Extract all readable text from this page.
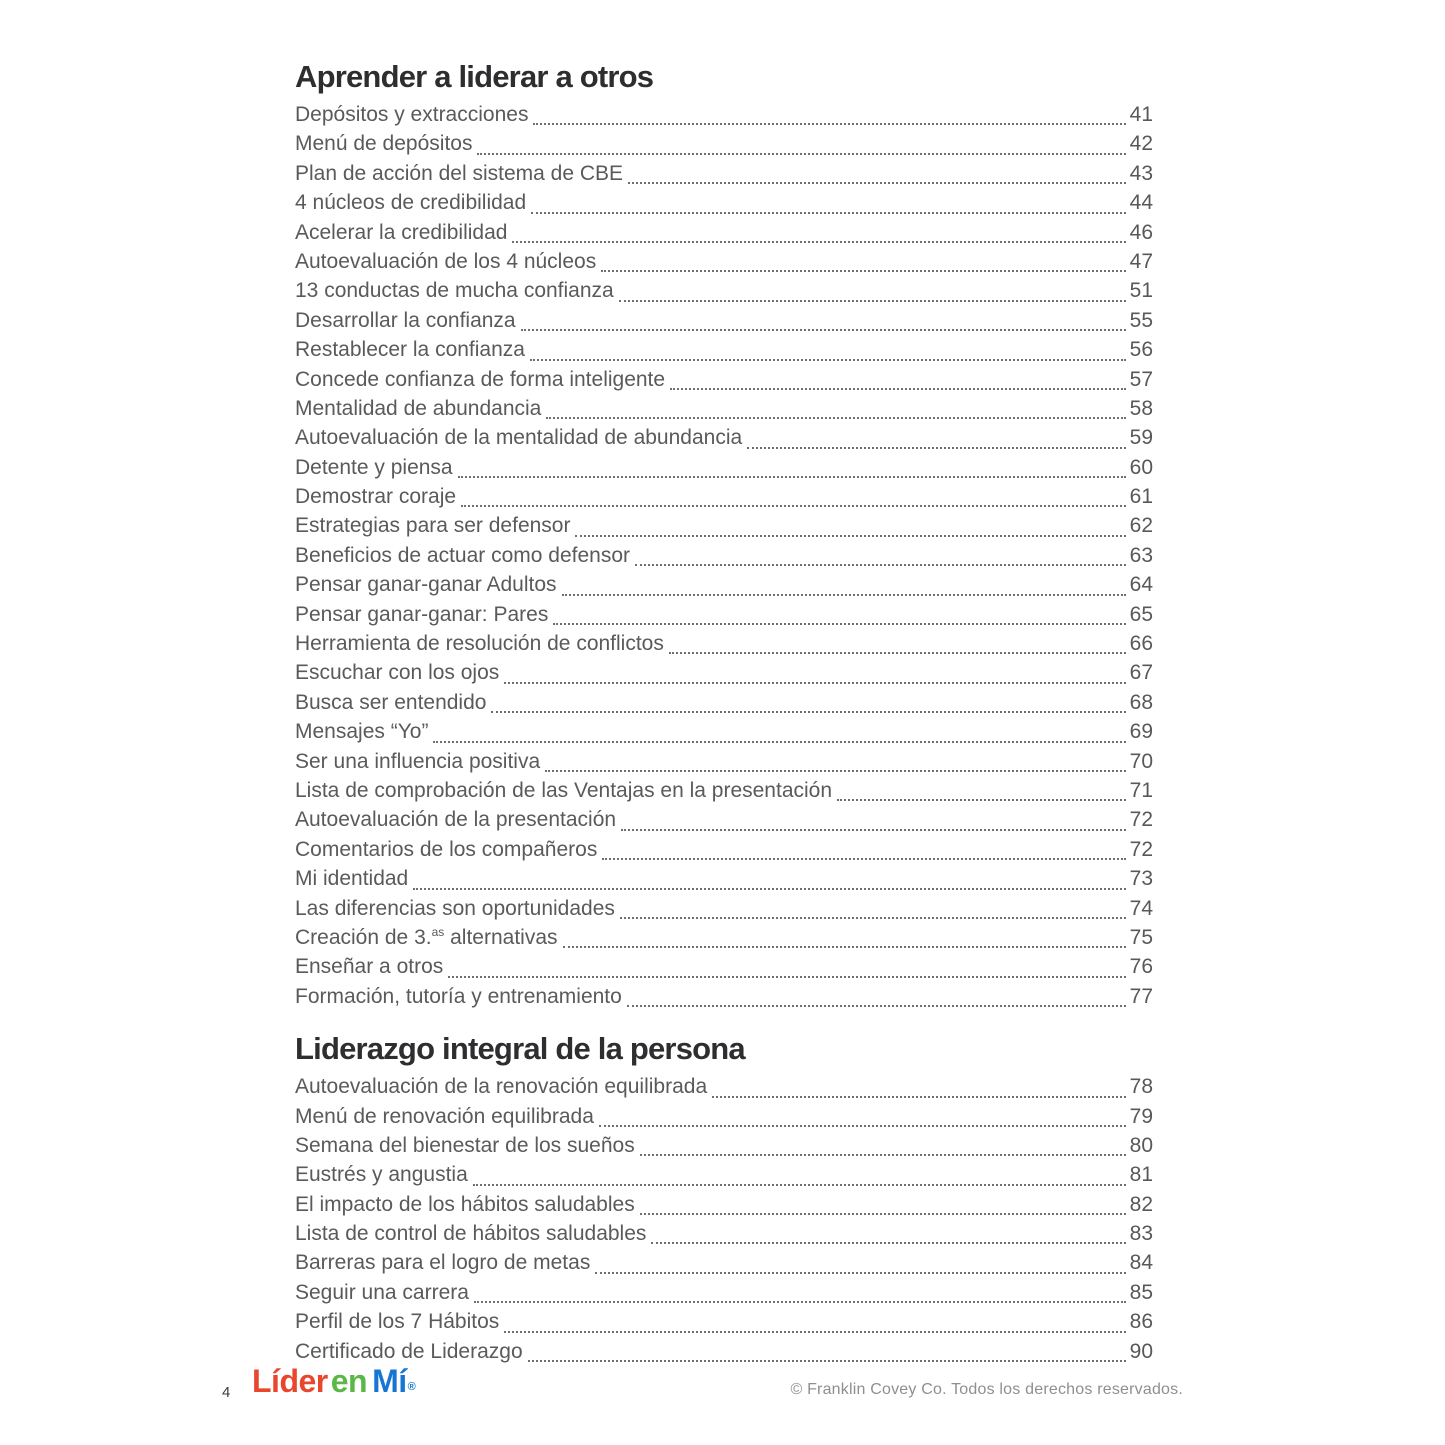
Aprender a liderar a otros
Depósitos y extracciones	41
Menú de depósitos	42
Plan de acción del sistema de CBE	43
4 núcleos de credibilidad	44
Acelerar la credibilidad	46
Autoevaluación de los 4 núcleos	47
13 conductas de mucha confianza	51
Desarrollar la confianza	55
Restablecer la confianza	56
Concede confianza de forma inteligente	57
Mentalidad de abundancia	58
Autoevaluación de la mentalidad de abundancia	59
Detente y piensa	60
Demostrar coraje	61
Estrategias para ser defensor	62
Beneficios de actuar como defensor	63
Pensar ganar-ganar Adultos	64
Pensar ganar-ganar: Pares	65
Herramienta de resolución de conflictos	66
Escuchar con los ojos	67
Busca ser entendido	68
Mensajes “Yo”	69
Ser una influencia positiva	70
Lista de comprobación de las Ventajas en la presentación	71
Autoevaluación de la presentación	72
Comentarios de los compañeros	72
Mi identidad	73
Las diferencias son oportunidades	74
Creación de 3.$^{as}$ alternativas	75
Enseñar a otros	76
Formación, tutoría y entrenamiento	77
Liderazgo integral de la persona
Autoevaluación de la renovación equilibrada	78
Menú de renovación equilibrada	79
Semana del bienestar de los sueños	80
Eustrés y angustia	81
El impacto de los hábitos saludables	82
Lista de control de hábitos saludables	83
Barreras para el logro de metas	84
Seguir una carrera	85
Perfil de los 7 Hábitos	86
Certificado de Liderazgo	90
4 Líderen Mí®	© Franklin Covey Co. Todos los derechos reservados.
